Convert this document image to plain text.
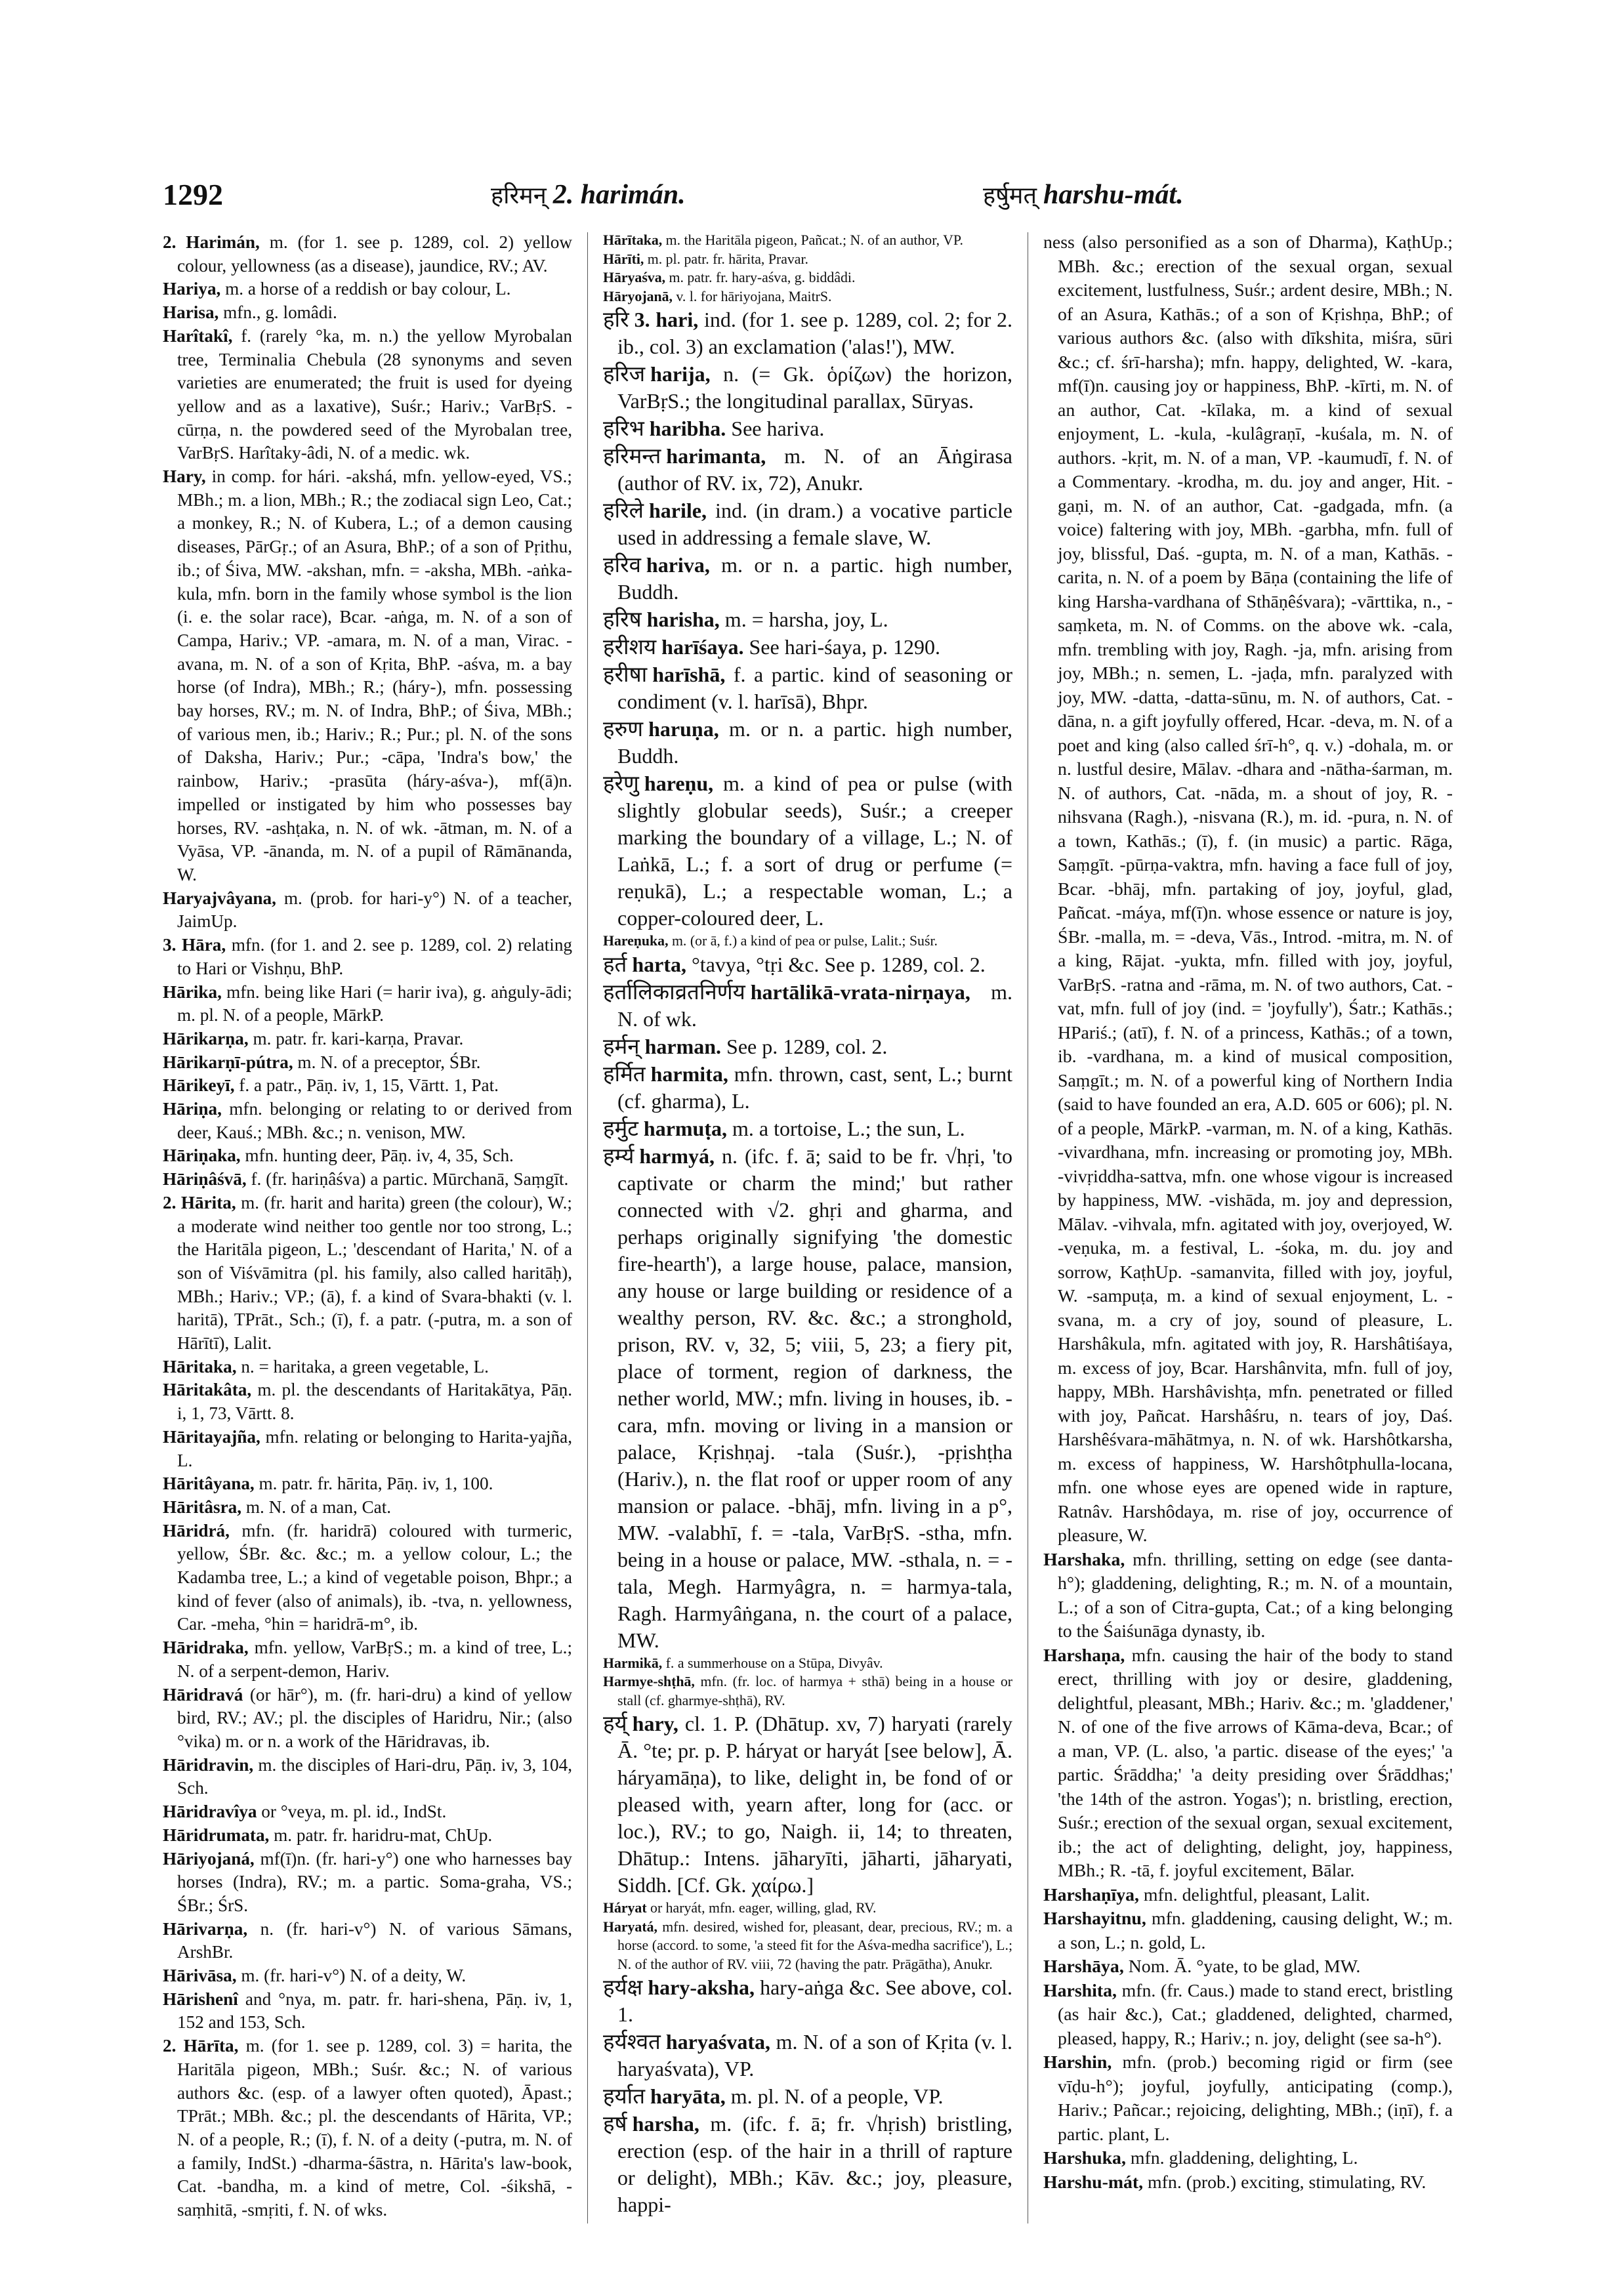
1292	हरिमन् 2. harimán.	हर्षुमत् harshu-mát.

2. Harimán, m. (for 1. see p. 1289, col. 2) yellow colour, yellowness (as a disease), jaundice, RV.; AV.

Hariya, m. a horse of a reddish or bay colour, L.

Harisa, mfn., g. lomâdi.

Harîtakî, f. (rarely °ka, m. n.) the yellow Myrobalan tree, Terminalia Chebula (28 synonyms and seven varieties are enumerated; the fruit is used for dyeing yellow and as a laxative), Suśr.; Hariv.; VarBṛS. -cūrṇa, n. the powdered seed of the Myrobalan tree, VarBṛS. Harîtaky-âdi, N. of a medic. wk.

Hary, in comp. for hári. -akshá, mfn. yellow-eyed, VS.; MBh.; m. a lion, MBh.; R.; the zodiacal sign Leo, Cat.; a monkey, R.; N. of Kubera, L.; of a demon causing diseases, PārGṛ.; of an Asura, BhP.; of a son of Pṛithu, ib.; of Śiva, MW. -akshan, mfn. = -aksha, MBh. -aṅka-kula, mfn. born in the family whose symbol is the lion (i. e. the solar race), Bcar. -aṅga, m. N. of a son of Campa, Hariv.; VP. -amara, m. N. of a man, Virac. -avana, m. N. of a son of Kṛita, BhP. -aśva, m. a bay horse (of Indra), MBh.; R.; (háry-), mfn. possessing bay horses, RV.; m. N. of Indra, BhP.; of Śiva, MBh.; of various men, ib.; Hariv.; R.; Pur.; pl. N. of the sons of Daksha, Hariv.; Pur.; -cāpa, 'Indra's bow,' the rainbow, Hariv.; -prasūta (háry-aśva-), mf(ā)n. impelled or instigated by him who possesses bay horses, RV. -ashṭaka, n. N. of wk. -ātman, m. N. of a Vyāsa, VP. -ānanda, m. N. of a pupil of Rāmānanda, W.

Haryajvâyana, m. (prob. for hari-y°) N. of a teacher, JaimUp.

3. Hāra, mfn. (for 1. and 2. see p. 1289, col. 2) relating to Hari or Vishṇu, BhP.

Hārika, mfn. being like Hari (= harir iva), g. aṅguly-ādi; m. pl. N. of a people, MārkP.

Hārikarṇa, m. patr. fr. kari-karṇa, Pravar.

Hārikarṇī-pútra, m. N. of a preceptor, ŚBr.

Hārikeyī, f. a patr., Pāṇ. iv, 1, 15, Vārtt. 1, Pat.

Hāriṇa, mfn. belonging or relating to or derived from deer, Kauś.; MBh. &c.; n. venison, MW.

Hāriṇaka, mfn. hunting deer, Pāṇ. iv, 4, 35, Sch.

Hāriṇâśvā, f. (fr. hariṇâśva) a partic. Mūrchanā, Saṃgīt.

2. Hārita, m. (fr. harit and harita) green (the colour), W.; a moderate wind neither too gentle nor too strong, L.; the Haritāla pigeon, L.; 'descendant of Harita,' N. of a son of Viśvāmitra (pl. his family, also called haritāḥ), MBh.; Hariv.; VP.; (ā), f. a kind of Svara-bhakti (v. l. haritā), TPrāt., Sch.; (ī), f. a patr. (-putra, m. a son of Hārītī), Lalit.

Hāritaka, n. = haritaka, a green vegetable, L.

Hāritakâta, m. pl. the descendants of Haritakātya, Pāṇ. i, 1, 73, Vārtt. 8.

Hāritayajña, mfn. relating or belonging to Harita-yajña, L.

Hāritâyana, m. patr. fr. hārita, Pāṇ. iv, 1, 100.

Hāritâsra, m. N. of a man, Cat.

Hāridrá, mfn. (fr. haridrā) coloured with turmeric, yellow, ŚBr. &c. &c.; m. a yellow colour, L.; the Kadamba tree, L.; a kind of vegetable poison, Bhpr.; a kind of fever (also of animals), ib. -tva, n. yellowness, Car. -meha, °hin = haridrā-m°, ib.

Hāridraka, mfn. yellow, VarBṛS.; m. a kind of tree, L.; N. of a serpent-demon, Hariv.

Hāridravá (or hār°), m. (fr. hari-dru) a kind of yellow bird, RV.; AV.; pl. the disciples of Haridru, Nir.; (also °vika) m. or n. a work of the Hāridravas, ib.

Hāridravin, m. the disciples of Hari-dru, Pāṇ. iv, 3, 104, Sch.

Hāridravîya or °veya, m. pl. id., IndSt.

Hāridrumata, m. patr. fr. haridru-mat, ChUp.

Hāriyojaná, mf(ī)n. (fr. hari-y°) one who harnesses bay horses (Indra), RV.; m. a partic. Soma-graha, VS.; ŚBr.; ŚrS.

Hārivarṇa, n. (fr. hari-v°) N. of various Sāmans, ArshBr.

Hārivāsa, m. (fr. hari-v°) N. of a deity, W.

Hārishenî and °nya, m. patr. fr. hari-shena, Pāṇ. iv, 1, 152 and 153, Sch.

2. Hārīta, m. (for 1. see p. 1289, col. 3) = harita, the Haritāla pigeon, MBh.; Suśr. &c.; N. of various authors &c. (esp. of a lawyer often quoted), Āpast.; TPrāt.; MBh. &c.; pl. the descendants of Hārita, VP.; N. of a people, R.; (ī), f. N. of a deity (-putra, m. N. of a family, IndSt.) -dharma-śāstra, n. Hārita's law-book, Cat. -bandha, m. a kind of metre, Col. -śikshā, -saṃhitā, -smṛiti, f. N. of wks.

Hārītaka, m. the Haritāla pigeon, Pañcat.; N. of an author, VP.

Hārīti, m. pl. patr. fr. hārita, Pravar.

Hāryaśva, m. patr. fr. hary-aśva, g. biddâdi.

Hāryojanā, v. l. for hāriyojana, MaitrS.

हरि 3. hari, ind. (for 1. see p. 1289, col. 2; for 2. ib., col. 3) an exclamation ('alas!'), MW.

हरिज harija, n. (= Gk. ὁρίζων) the horizon, VarBṛS.; the longitudinal parallax, Sūryas.

हरिभ haribha. See hariva.

हरिमन्त harimanta, m. N. of an Āṅgirasa (author of RV. ix, 72), Anukr.

हरिले harile, ind. (in dram.) a vocative particle used in addressing a female slave, W.

हरिव hariva, m. or n. a partic. high number, Buddh.

हरिष harisha, m. = harsha, joy, L.

हरीशय harīśaya. See hari-śaya, p. 1290.

हरीषा harīshā, f. a partic. kind of seasoning or condiment (v. l. harīsā), Bhpr.

हरुण haruṇa, m. or n. a partic. high number, Buddh.

हरेणु hareṇu, m. a kind of pea or pulse (with slightly globular seeds), Suśr.; a creeper marking the boundary of a village, L.; N. of Laṅkā, L.; f. a sort of drug or perfume (= reṇukā), L.; a respectable woman, L.; a copper-coloured deer, L.

Hareṇuka, m. (or ā, f.) a kind of pea or pulse, Lalit.; Suśr.

हर्त harta, °tavya, °tṛi &c. See p. 1289, col. 2.

हर्तालिकाव्रतनिर्णय hartālikā-vrata-nirṇaya, m. N. of wk.

हर्मन् harman. See p. 1289, col. 2.

हर्मित harmita, mfn. thrown, cast, sent, L.; burnt (cf. gharma), L.

हर्मुट harmuṭa, m. a tortoise, L.; the sun, L.

हर्म्य harmyá, n. (ifc. f. ā; said to be fr. √hṛi, 'to captivate or charm the mind;' but rather connected with √2. ghṛi and gharma, and perhaps originally signifying 'the domestic fire-hearth'), a large house, palace, mansion, any house or large building or residence of a wealthy person, RV. &c. &c.; a stronghold, prison, RV. v, 32, 5; viii, 5, 23; a fiery pit, place of torment, region of darkness, the nether world, MW.; mfn. living in houses, ib. -cara, mfn. moving or living in a mansion or palace, Kṛishṇaj. -tala (Suśr.), -pṛishṭha (Hariv.), n. the flat roof or upper room of any mansion or palace. -bhāj, mfn. living in a p°, MW. -valabhī, f. = -tala, VarBṛS. -stha, mfn. being in a house or palace, MW. -sthala, n. = -tala, Megh. Harmyâgra, n. = harmya-tala, Ragh. Harmyâṅgana, n. the court of a palace, MW.

Harmikā, f. a summerhouse on a Stūpa, Divyâv.

Harmye-shṭhā, mfn. (fr. loc. of harmya + sthā) being in a house or stall (cf. gharmye-shṭhā), RV.

हर्य् hary, cl. 1. P. (Dhātup. xv, 7) haryati (rarely Ā. °te; pr. p. P. háryat or haryát [see below], Ā. háryamāṇa), to like, delight in, be fond of or pleased with, yearn after, long for (acc. or loc.), RV.; to go, Naigh. ii, 14; to threaten, Dhātup.: Intens. jāharyīti, jāharti, jāharyati, Siddh. [Cf. Gk. χαίρω.]

Háryat or haryát, mfn. eager, willing, glad, RV.

Haryatá, mfn. desired, wished for, pleasant, dear, precious, RV.; m. a horse (accord. to some, 'a steed fit for the Aśva-medha sacrifice'), L.; N. of the author of RV. viii, 72 (having the patr. Prāgātha), Anukr.

हर्यक्ष hary-aksha, hary-aṅga &c. See above, col. 1.

हर्यश्वत haryaśvata, m. N. of a son of Kṛita (v. l. haryaśvata), VP.

हर्यात haryāta, m. pl. N. of a people, VP.

हर्ष harsha, m. (ifc. f. ā; fr. √hṛish) bristling, erection (esp. of the hair in a thrill of rapture or delight), MBh.; Kāv. &c.; joy, pleasure, happi-

ness (also personified as a son of Dharma), KaṭhUp.; MBh. &c.; erection of the sexual organ, sexual excitement, lustfulness, Suśr.; ardent desire, MBh.; N. of an Asura, Kathās.; of a son of Kṛishṇa, BhP.; of various authors &c. (also with dīkshita, miśra, sūri &c.; cf. śrī-harsha); mfn. happy, delighted, W. -kara, mf(ī)n. causing joy or happiness, BhP. -kīrti, m. N. of an author, Cat. -kīlaka, m. a kind of sexual enjoyment, L. -kula, -kulâgraṇī, -kuśala, m. N. of authors. -kṛit, m. N. of a man, VP. -kaumudī, f. N. of a Commentary. -krodha, m. du. joy and anger, Hit. -gaṇi, m. N. of an author, Cat. -gadgada, mfn. (a voice) faltering with joy, MBh. -garbha, mfn. full of joy, blissful, Daś. -gupta, m. N. of a man, Kathās. -carita, n. N. of a poem by Bāṇa (containing the life of king Harsha-vardhana of Sthāṇêśvara); -vārttika, n., -saṃketa, m. N. of Comms. on the above wk. -cala, mfn. trembling with joy, Ragh. -ja, mfn. arising from joy, MBh.; n. semen, L. -jaḍa, mfn. paralyzed with joy, MW. -datta, -datta-sūnu, m. N. of authors, Cat. -dāna, n. a gift joyfully offered, Hcar. -deva, m. N. of a poet and king (also called śrī-h°, q. v.) -dohala, m. or n. lustful desire, Mālav. -dhara and -nātha-śarman, m. N. of authors, Cat. -nāda, m. a shout of joy, R. -nihsvana (Ragh.), -nisvana (R.), m. id. -pura, n. N. of a town, Kathās.; (ī), f. (in music) a partic. Rāga, Saṃgīt. -pūrṇa-vaktra, mfn. having a face full of joy, Bcar. -bhāj, mfn. partaking of joy, joyful, glad, Pañcat. -máya, mf(ī)n. whose essence or nature is joy, ŚBr. -malla, m. = -deva, Vās., Introd. -mitra, m. N. of a king, Rājat. -yukta, mfn. filled with joy, joyful, VarBṛS. -ratna and -rāma, m. N. of two authors, Cat. -vat, mfn. full of joy (ind. = 'joyfully'), Śatr.; Kathās.; HPariś.; (atī), f. N. of a princess, Kathās.; of a town, ib. -vardhana, m. a kind of musical composition, Saṃgīt.; m. N. of a powerful king of Northern India (said to have founded an era, A.D. 605 or 606); pl. N. of a people, MārkP. -varman, m. N. of a king, Kathās. -vivardhana, mfn. increasing or promoting joy, MBh. -vivṛiddha-sattva, mfn. one whose vigour is increased by happiness, MW. -vishāda, m. joy and depression, Mālav. -vihvala, mfn. agitated with joy, overjoyed, W. -veṇuka, m. a festival, L. -śoka, m. du. joy and sorrow, KaṭhUp. -samanvita, filled with joy, joyful, W. -sampuṭa, m. a kind of sexual enjoyment, L. -svana, m. a cry of joy, sound of pleasure, L. Harshâkula, mfn. agitated with joy, R. Harshâtiśaya, m. excess of joy, Bcar. Harshânvita, mfn. full of joy, happy, MBh. Harshâvishṭa, mfn. penetrated or filled with joy, Pañcat. Harshâśru, n. tears of joy, Daś. Harshêśvara-māhātmya, n. N. of wk. Harshôtkarsha, m. excess of happiness, W. Harshôtphulla-locana, mfn. one whose eyes are opened wide in rapture, Ratnâv. Harshôdaya, m. rise of joy, occurrence of pleasure, W.

Harshaka, mfn. thrilling, setting on edge (see danta-h°); gladdening, delighting, R.; m. N. of a mountain, L.; of a son of Citra-gupta, Cat.; of a king belonging to the Śaiśunāga dynasty, ib.

Harshaṇa, mfn. causing the hair of the body to stand erect, thrilling with joy or desire, gladdening, delightful, pleasant, MBh.; Hariv. &c.; m. 'gladdener,' N. of one of the five arrows of Kāma-deva, Bcar.; of a man, VP. (L. also, 'a partic. disease of the eyes;' 'a partic. Śrāddha;' 'a deity presiding over Śrāddhas;' 'the 14th of the astron. Yogas'); n. bristling, erection, Suśr.; erection of the sexual organ, sexual excitement, ib.; the act of delighting, delight, joy, happiness, MBh.; R. -tā, f. joyful excitement, Bālar.

Harshaṇīya, mfn. delightful, pleasant, Lalit.

Harshayitnu, mfn. gladdening, causing delight, W.; m. a son, L.; n. gold, L.

Harshāya, Nom. Ā. °yate, to be glad, MW.

Harshita, mfn. (fr. Caus.) made to stand erect, bristling (as hair &c.), Cat.; gladdened, delighted, charmed, pleased, happy, R.; Hariv.; n. joy, delight (see sa-h°).

Harshin, mfn. (prob.) becoming rigid or firm (see vīḍu-h°); joyful, joyfully, anticipating (comp.), Hariv.; Pañcar.; rejoicing, delighting, MBh.; (iṇī), f. a partic. plant, L.

Harshuka, mfn. gladdening, delighting, L.

Harshu-mát, mfn. (prob.) exciting, stimulating, RV.
